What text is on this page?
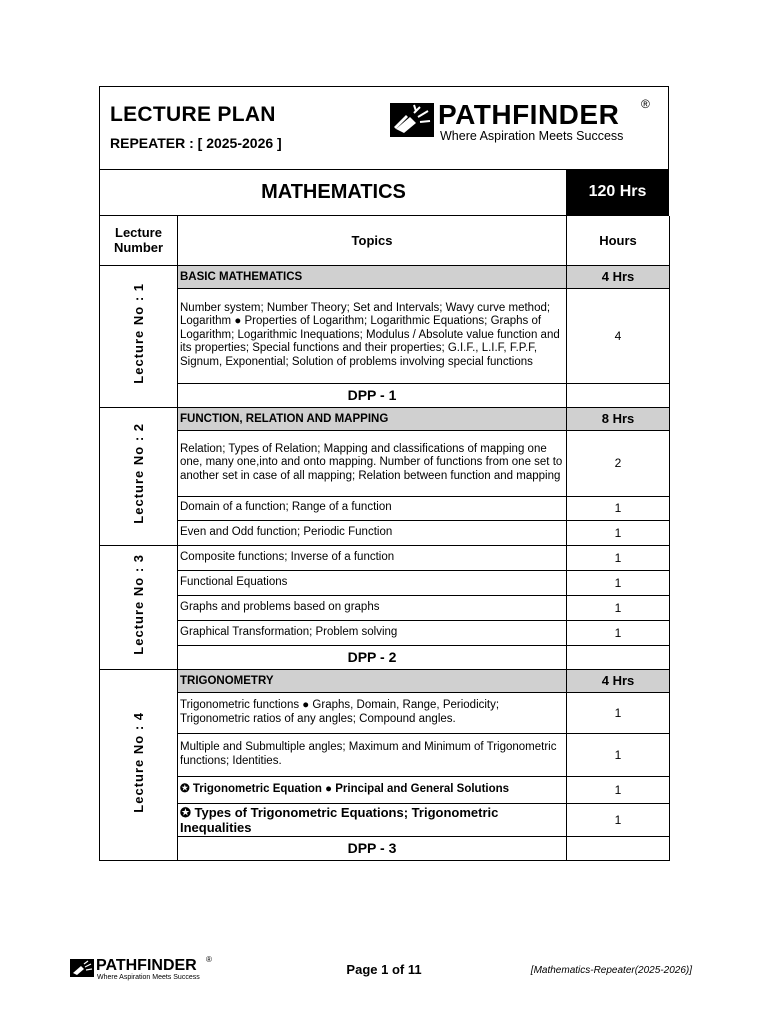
LECTURE PLAN
REPEATER : [ 2025-2026 ]
PATHFINDER ®
Where Aspiration Meets Success
MATHEMATICS	120 Hrs
Lecture Number	Topics	Hours
Lecture No : 1	BASIC MATHEMATICS	4 Hrs
	Number system; Number Theory; Set and Intervals; Wavy curve method; Logarithm ● Properties of Logarithm; Logarithmic Equations; Graphs of Logarithm; Logarithmic Inequations; Modulus / Absolute value function and its properties; Special functions and their properties; G.I.F., L.I.F, F.P.F, Signum, Exponential; Solution of problems involving special functions	4
	DPP - 1	
Lecture No : 2	FUNCTION, RELATION AND MAPPING	8 Hrs
	Relation; Types of Relation; Mapping and classifications of mapping one one, many one,into and onto mapping. Number of functions from one set to another set in case of all mapping; Relation between function and mapping	2
	Domain of a function; Range of a function	1
	Even and Odd function; Periodic Function	1
Lecture No : 3	Composite functions; Inverse of a function	1
	Functional Equations	1
	Graphs and problems based on graphs	1
	Graphical Transformation; Problem solving	1
	DPP - 2	
Lecture No : 4	TRIGONOMETRY	4 Hrs
	Trigonometric functions ● Graphs, Domain, Range, Periodicity; Trigonometric ratios of any angles; Compound angles.	1
	Multiple and Submultiple angles; Maximum and Minimum of Trigonometric functions; Identities.	1
	✪ Trigonometric Equation ● Principal and General Solutions	1
	✪ Types of Trigonometric Equations; Trigonometric Inequalities	1
	DPP - 3	
PATHFINDER ®
Where Aspiration Meets Success
Page 1 of 11	[Mathematics-Repeater(2025-2026)]
